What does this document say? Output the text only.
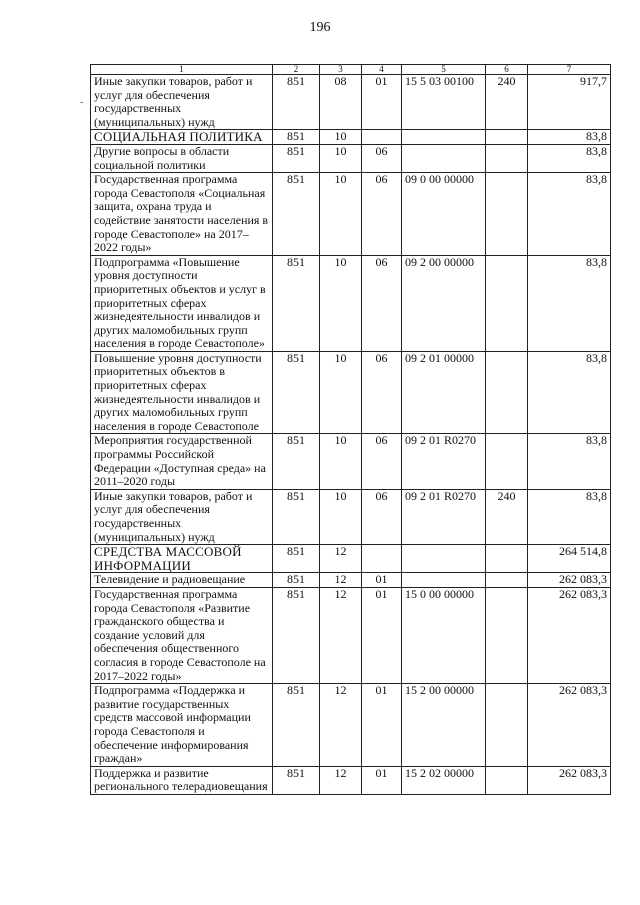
196
-
1	2	3	4	5	6	7
Иные закупки товаров, работ и услуг для обеспечения государственных (муниципальных) нужд	851	08	01	15 5 03 00100	240	917,7
СОЦИАЛЬНАЯ ПОЛИТИКА	851	10				83,8
Другие вопросы в области социальной политики	851	10	06			83,8
Государственная программа города Севастополя «Социальная защита, охрана труда и содействие занятости населения в городе Севастополе» на 2017–2022 годы»	851	10	06	09 0 00 00000		83,8
Подпрограмма «Повышение уровня доступности приоритетных объектов и услуг в приоритетных сферах жизнедеятельности инвалидов и других маломобильных групп населения в городе Севастополе»	851	10	06	09 2 00 00000		83,8
Повышение уровня доступности приоритетных объектов в приоритетных сферах жизнедеятельности инвалидов и других маломобильных групп населения в городе Севастополе	851	10	06	09 2 01 00000		83,8
Мероприятия государственной программы Российской Федерации «Доступная среда» на 2011–2020 годы	851	10	06	09 2 01 R0270		83,8
Иные закупки товаров, работ и услуг для обеспечения государственных (муниципальных) нужд	851	10	06	09 2 01 R0270	240	83,8
СРЕДСТВА МАССОВОЙ ИНФОРМАЦИИ	851	12				264 514,8
Телевидение и радиовещание	851	12	01			262 083,3
Государственная программа города Севастополя «Развитие гражданского общества и создание условий для обеспечения общественного согласия в городе Севастополе на 2017–2022 годы»	851	12	01	15 0 00 00000		262 083,3
Подпрограмма «Поддержка и развитие государственных средств массовой информации города Севастополя и обеспечение информирования граждан»	851	12	01	15 2 00 00000		262 083,3
Поддержка и развитие регионального телерадиовещания	851	12	01	15 2 02 00000		262 083,3
